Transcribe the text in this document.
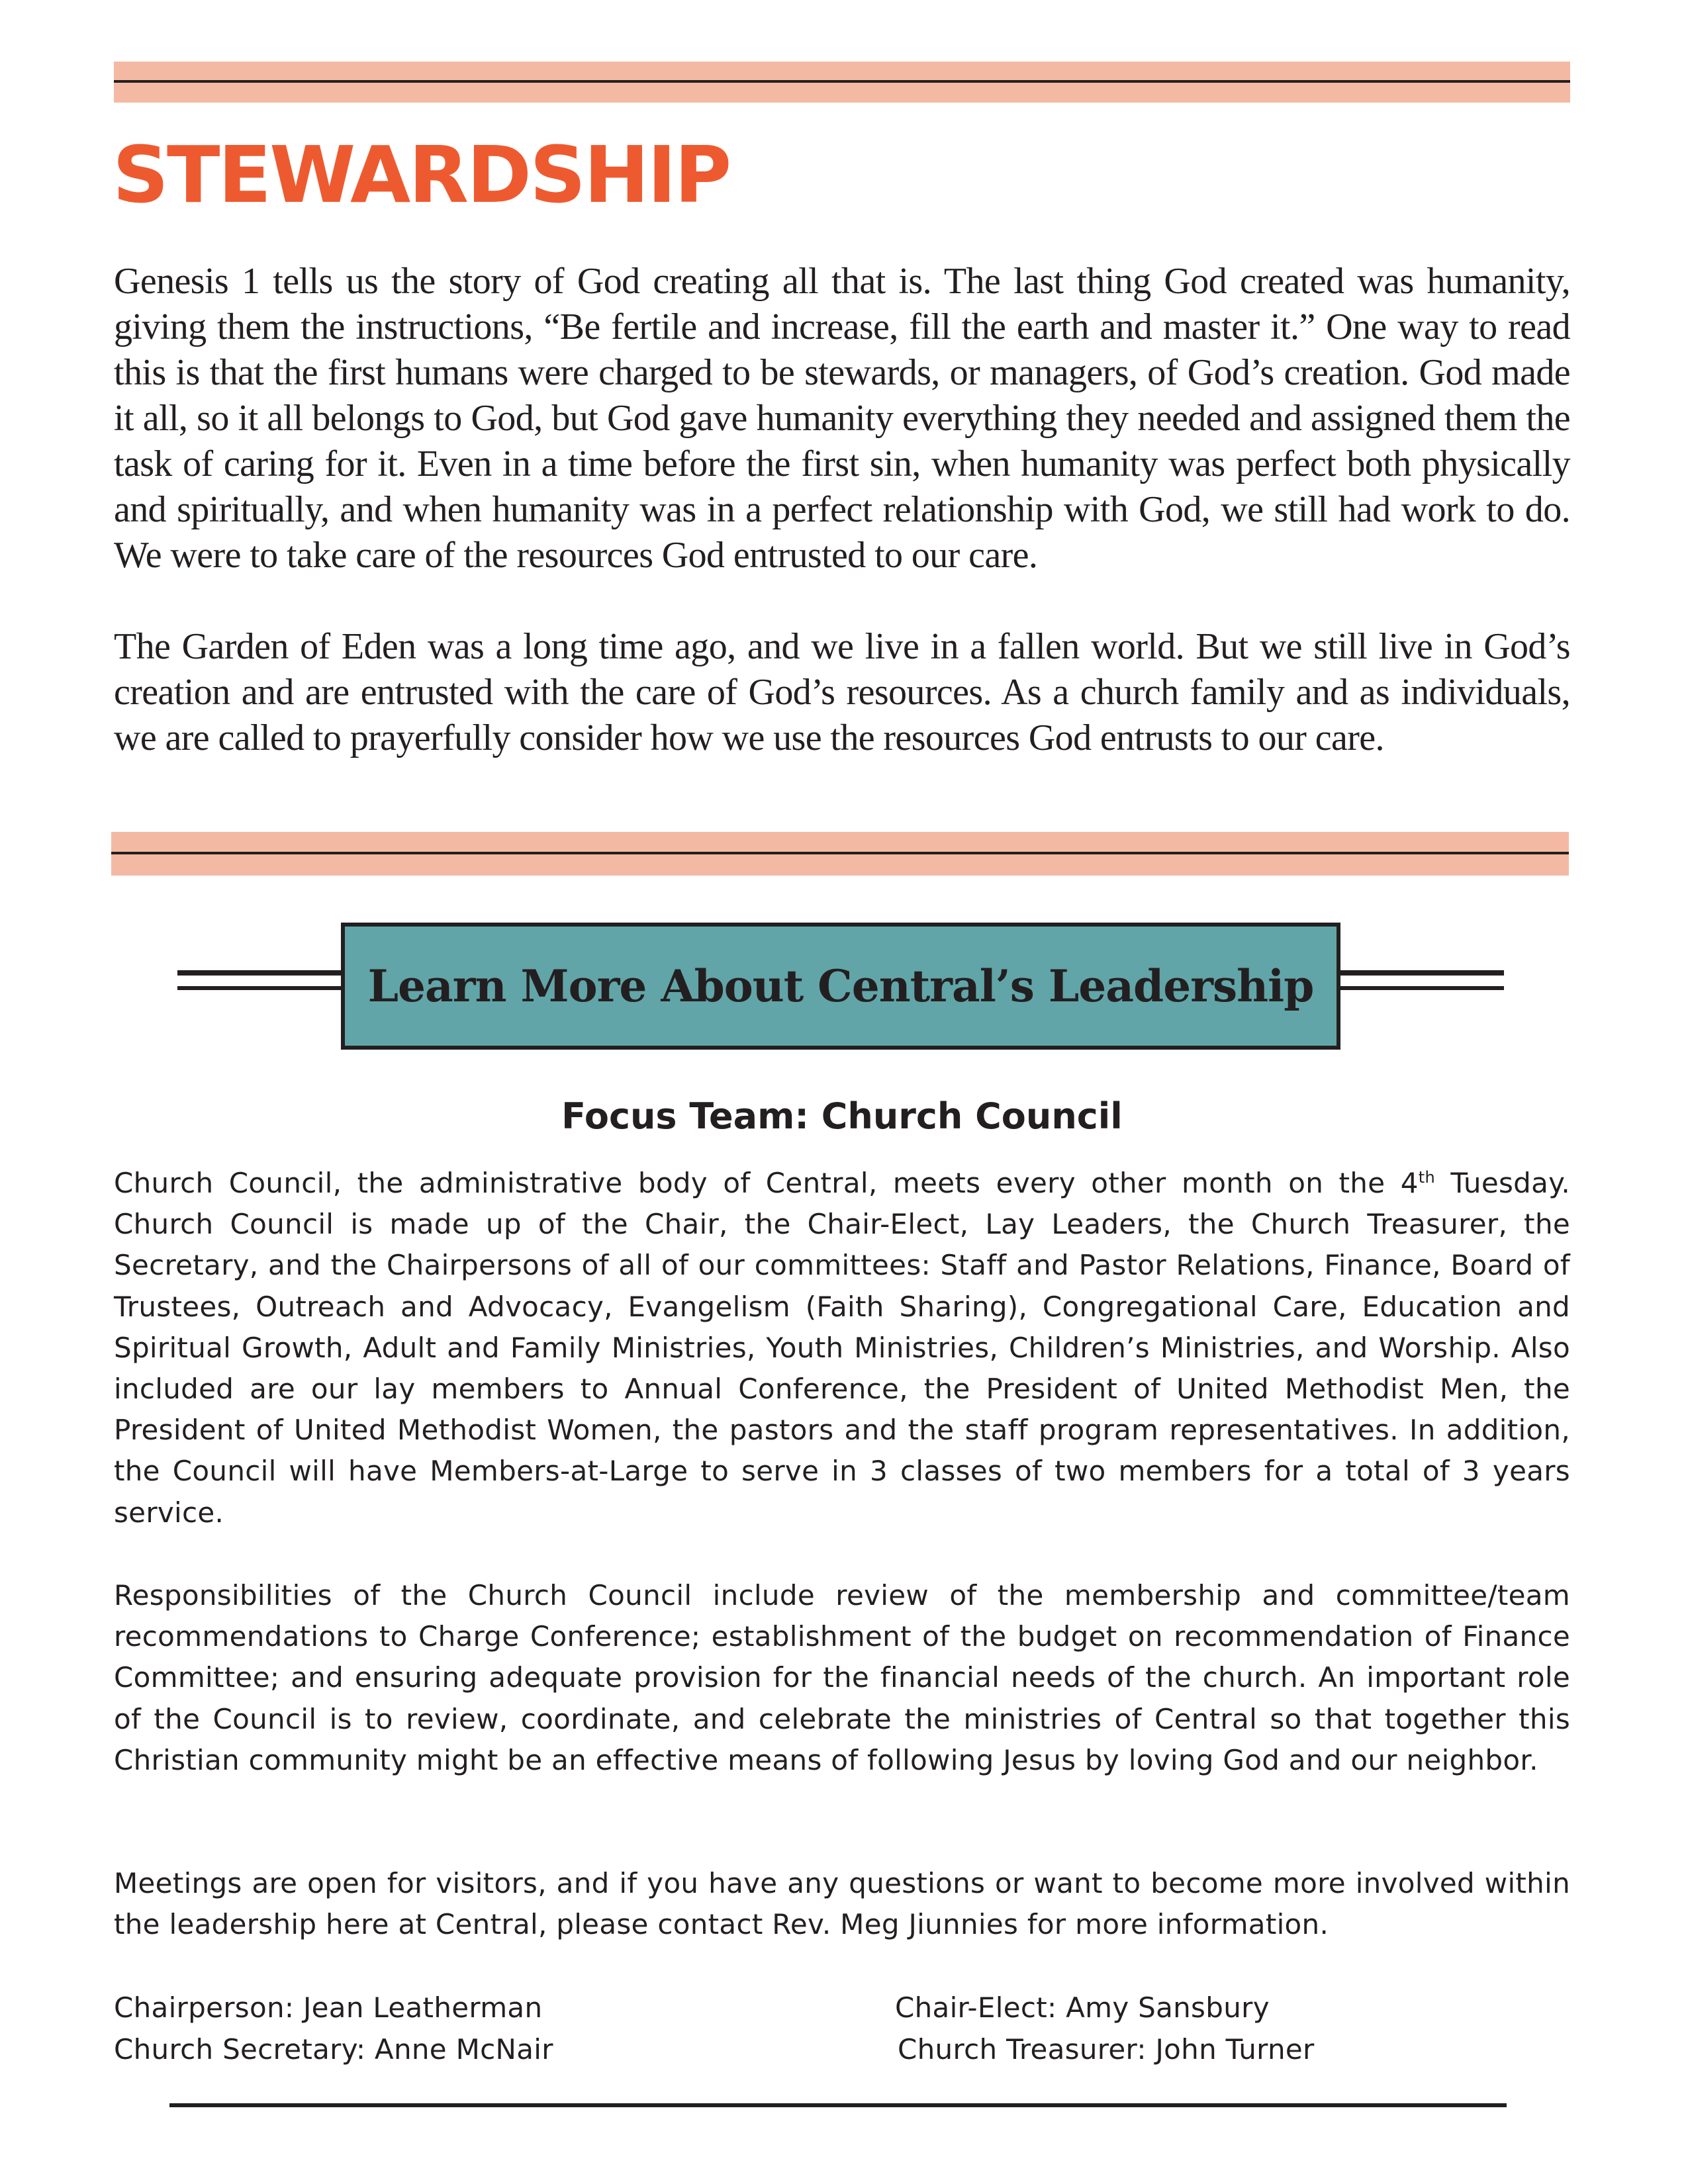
STEWARDSHIP

Genesis 1 tells us the story of God creating all that is. The last thing God created was humanity, giving them the instructions, “Be fertile and increase, fill the earth and master it.” One way to read this is that the first humans were charged to be stewards, or managers, of God’s creation. God made it all, so it all belongs to God, but God gave humanity everything they needed and assigned them the task of caring for it. Even in a time before the first sin, when humanity was perfect both physically and spiritually, and when humanity was in a perfect relationship with God, we still had work to do. We were to take care of the resources God entrusted to our care.

The Garden of Eden was a long time ago, and we live in a fallen world. But we still live in God’s creation and are entrusted with the care of God’s resources. As a church family and as individuals, we are called to prayerfully consider how we use the resources God entrusts to our care.

Learn More About Central’s Leadership
Focus Team: Church Council

Church Council, the administrative body of Central, meets every other month on the 4th Tuesday. Church Council is made up of the Chair, the Chair-Elect, Lay Leaders, the Church Treasurer, the Secretary, and the Chairpersons of all of our committees: Staff and Pastor Relations, Finance, Board of Trustees, Outreach and Advocacy, Evangelism (Faith Sharing), Congregational Care, Education and Spiritual Growth, Adult and Family Ministries, Youth Ministries, Children’s Ministries, and Worship. Also included are our lay members to Annual Conference, the President of United Methodist Men, the President of United Methodist Women, the pastors and the staff program representatives. In addition, the Council will have Members-at-Large to serve in 3 classes of two members for a total of 3 years service.

Responsibilities of the Church Council include review of the membership and committee/team recommendations to Charge Conference; establishment of the budget on recommendation of Finance Committee; and ensuring adequate provision for the financial needs of the church. An important role of the Council is to review, coordinate, and celebrate the ministries of Central so that together this Christian community might be an effective means of following Jesus by loving God and our neighbor.

Meetings are open for visitors, and if you have any questions or want to become more involved within the leadership here at Central, please contact Rev. Meg Jiunnies for more information.

Chairperson: Jean Leatherman	Chair-Elect: Amy Sansbury

Church Secretary: Anne McNair	Church Treasurer: John Turner
